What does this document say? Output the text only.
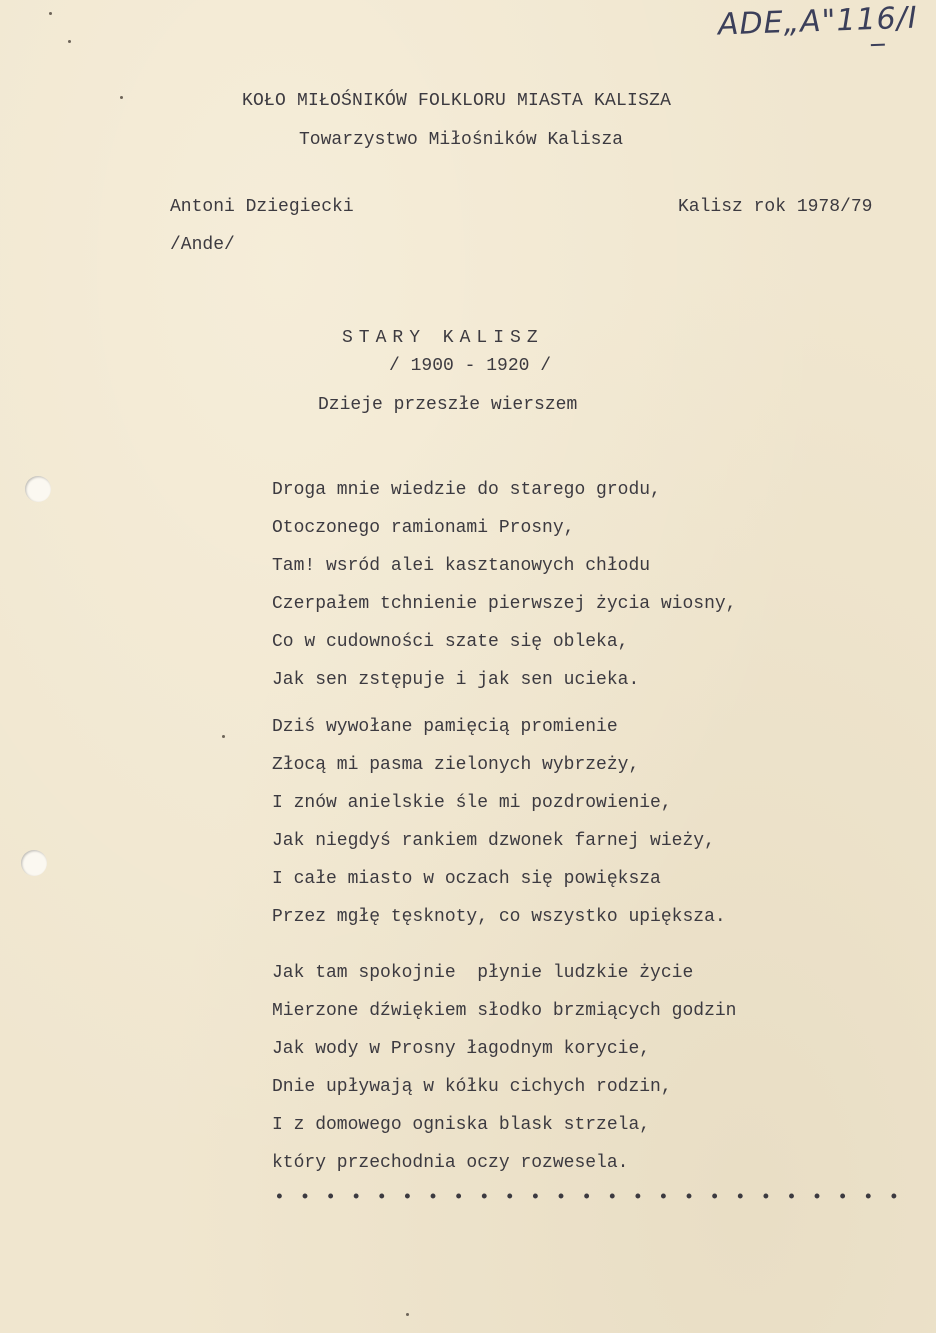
ADE„A"116/I
KOŁO MIŁOŚNIKÓW FOLKLORU MIASTA KALISZA
Towarzystwo Miłośników Kalisza
Antoni Dziegiecki
/Ande/
Kalisz rok 1978/79
STARY KALISZ
/ 1900 - 1920 /
Dzieje przeszłe wierszem
Droga mnie wiedzie do starego grodu,
Otoczonego ramionami Prosny,
Tam! wsród alei kasztanowych chłodu
Czerpałem tchnienie pierwszej życia wiosny,
Co w cudowności szate się obleka,
Jak sen zstępuje i jak sen ucieka.
Dziś wywołane pamięcią promienie
Złocą mi pasma zielonych wybrzeży,
I znów anielskie śle mi pozdrowienie,
Jak niegdyś rankiem dzwonek farnej wieży,
I całe miasto w oczach się powiększa
Przez mgłę tęsknoty, co wszystko upiększa.
Jak tam spokojnie  płynie ludzkie życie
Mierzone dźwiękiem słodko brzmiących godzin
Jak wody w Prosny łagodnym korycie,
Dnie upływają w kółku cichych rodzin,
I z domowego ogniska blask strzela,
który przechodnia oczy rozwesela.
• • • • • • • • • • • • • • • • • • • • • • • • •
